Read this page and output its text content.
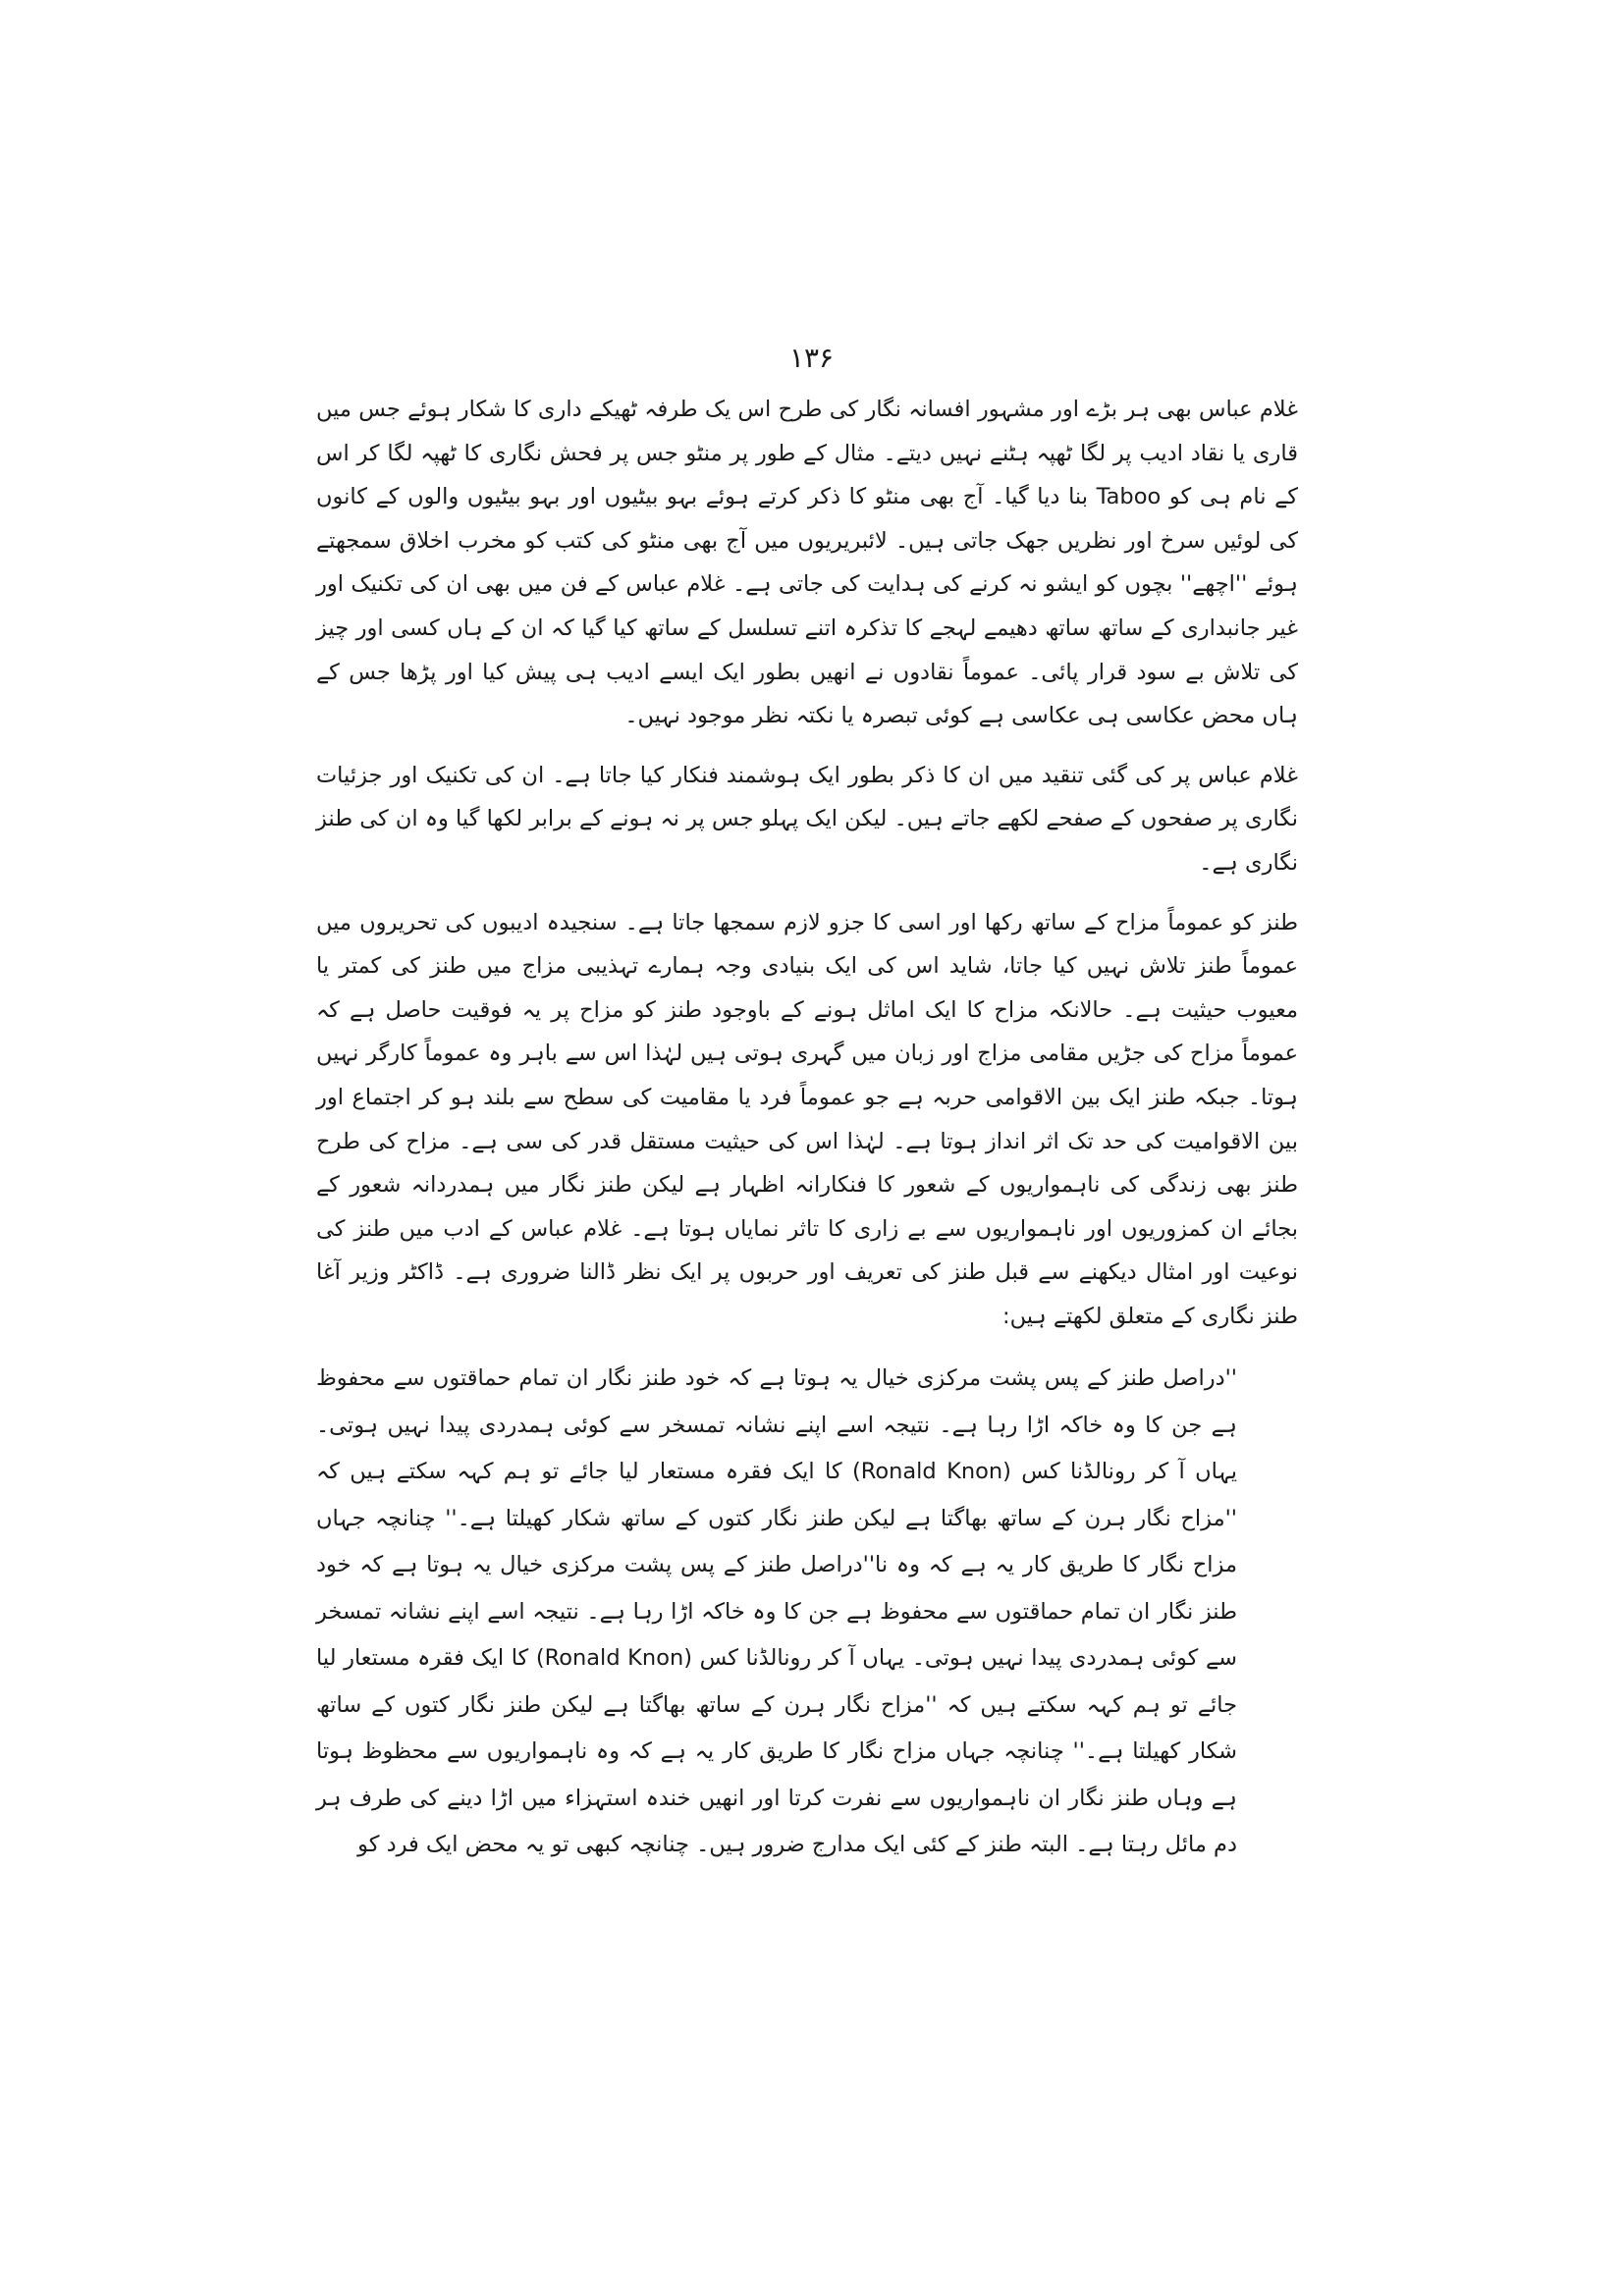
۱۳۶

غلام عباس بھی ہر بڑے اور مشہور افسانہ نگار کی طرح اس یک طرفہ ٹھیکے داری کا شکار ہوئے جس میں قاری یا نقاد ادیب پر لگا ٹھپہ ہٹنے نہیں دیتے۔ مثال کے طور پر منٹو جس پر فحش نگاری کا ٹھپہ لگا کر اس کے نام ہی کو Taboo بنا دیا گیا۔ آج بھی منٹو کا ذکر کرتے ہوئے بہو بیٹیوں اور بہو بیٹیوں والوں کے کانوں کی لوئیں سرخ اور نظریں جھک جاتی ہیں۔ لائبریریوں میں آج بھی منٹو کی کتب کو مخرب اخلاق سمجھتے ہوئے ''اچھے'' بچوں کو ایشو نہ کرنے کی ہدایت کی جاتی ہے۔ غلام عباس کے فن میں بھی ان کی تکنیک اور غیر جانبداری کے ساتھ ساتھ دھیمے لہجے کا تذکرہ اتنے تسلسل کے ساتھ کیا گیا کہ ان کے ہاں کسی اور چیز کی تلاش بے سود قرار پائی۔ عموماً نقادوں نے انھیں بطور ایک ایسے ادیب ہی پیش کیا اور پڑھا جس کے ہاں محض عکاسی ہی عکاسی ہے کوئی تبصرہ یا نکتہ نظر موجود نہیں۔

غلام عباس پر کی گئی تنقید میں ان کا ذکر بطور ایک ہوشمند فنکار کیا جاتا ہے۔ ان کی تکنیک اور جزئیات نگاری پر صفحوں کے صفحے لکھے جاتے ہیں۔ لیکن ایک پہلو جس پر نہ ہونے کے برابر لکھا گیا وہ ان کی طنز نگاری ہے۔

طنز کو عموماً مزاح کے ساتھ رکھا اور اسی کا جزو لازم سمجھا جاتا ہے۔ سنجیدہ ادیبوں کی تحریروں میں عموماً طنز تلاش نہیں کیا جاتا، شاید اس کی ایک بنیادی وجہ ہمارے تہذیبی مزاج میں طنز کی کمتر یا معیوب حیثیت ہے۔ حالانکہ مزاح کا ایک اماثل ہونے کے باوجود طنز کو مزاح پر یہ فوقیت حاصل ہے کہ عموماً مزاح کی جڑیں مقامی مزاج اور زبان میں گہری ہوتی ہیں لہٰذا اس سے باہر وہ عموماً کارگر نہیں ہوتا۔ جبکہ طنز ایک بین الاقوامی حربہ ہے جو عموماً فرد یا مقامیت کی سطح سے بلند ہو کر اجتماع اور بین الاقوامیت کی حد تک اثر انداز ہوتا ہے۔ لہٰذا اس کی حیثیت مستقل قدر کی سی ہے۔ مزاح کی طرح طنز بھی زندگی کی ناہمواریوں کے شعور کا فنکارانہ اظہار ہے لیکن طنز نگار میں ہمدردانہ شعور کے بجائے ان کمزوریوں اور ناہمواریوں سے بے زاری کا تاثر نمایاں ہوتا ہے۔ غلام عباس کے ادب میں طنز کی نوعیت اور امثال دیکھنے سے قبل طنز کی تعریف اور حربوں پر ایک نظر ڈالنا ضروری ہے۔ ڈاکٹر وزیر آغا طنز نگاری کے متعلق لکھتے ہیں:

''دراصل طنز کے پس پشت مرکزی خیال یہ ہوتا ہے کہ خود طنز نگار ان تمام حماقتوں سے محفوظ ہے جن کا وہ خاکہ اڑا رہا ہے۔ نتیجہ اسے اپنے نشانہ تمسخر سے کوئی ہمدردی پیدا نہیں ہوتی۔ یہاں آ کر رونالڈنا کس (Ronald Knon) کا ایک فقرہ مستعار لیا جائے تو ہم کہہ سکتے ہیں کہ ''مزاح نگار ہرن کے ساتھ بھاگتا ہے لیکن طنز نگار کتوں کے ساتھ شکار کھیلتا ہے۔'' چنانچہ جہاں مزاح نگار کا طریق کار یہ ہے کہ وہ نا''دراصل طنز کے پس پشت مرکزی خیال یہ ہوتا ہے کہ خود طنز نگار ان تمام حماقتوں سے محفوظ ہے جن کا وہ خاکہ اڑا رہا ہے۔ نتیجہ اسے اپنے نشانہ تمسخر سے کوئی ہمدردی پیدا نہیں ہوتی۔ یہاں آ کر رونالڈنا کس (Ronald Knon) کا ایک فقرہ مستعار لیا جائے تو ہم کہہ سکتے ہیں کہ ''مزاح نگار ہرن کے ساتھ بھاگتا ہے لیکن طنز نگار کتوں کے ساتھ شکار کھیلتا ہے۔'' چنانچہ جہاں مزاح نگار کا طریق کار یہ ہے کہ وہ ناہمواریوں سے محظوظ ہوتا ہے وہاں طنز نگار ان ناہمواریوں سے نفرت کرتا اور انھیں خندہ استہزاء میں اڑا دینے کی طرف ہر دم مائل رہتا ہے۔ البتہ طنز کے کئی ایک مدارج ضرور ہیں۔ چنانچہ کبھی تو یہ محض ایک فرد کو
